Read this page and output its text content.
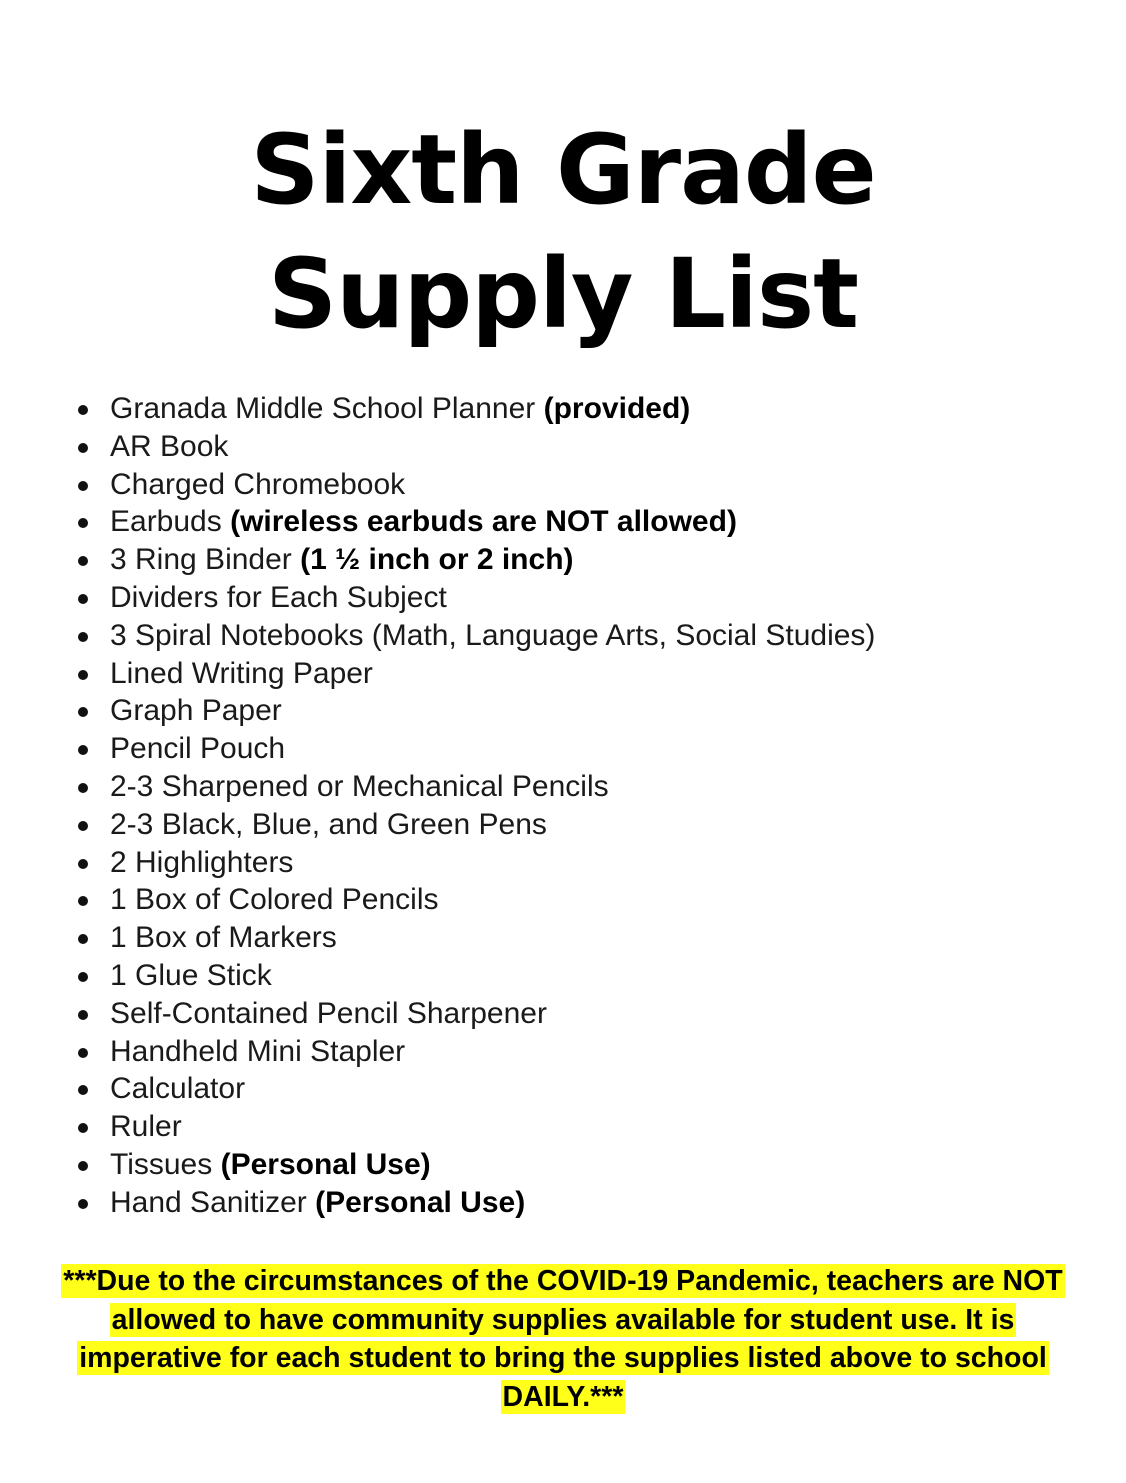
Sixth Grade
Supply List
Granada Middle School Planner (provided)
AR Book
Charged Chromebook
Earbuds (wireless earbuds are NOT allowed)
3 Ring Binder (1 ½ inch or 2 inch)
Dividers for Each Subject
3 Spiral Notebooks (Math, Language Arts, Social Studies)
Lined Writing Paper
Graph Paper
Pencil Pouch
2-3 Sharpened or Mechanical Pencils
2-3 Black, Blue, and Green Pens
2 Highlighters
1 Box of Colored Pencils
1 Box of Markers
1 Glue Stick
Self-Contained Pencil Sharpener
Handheld Mini Stapler
Calculator
Ruler
Tissues (Personal Use)
Hand Sanitizer (Personal Use)

***Due to the circumstances of the COVID-19 Pandemic, teachers are NOT allowed to have community supplies available for student use. It is imperative for each student to bring the supplies listed above to school DAILY.***
